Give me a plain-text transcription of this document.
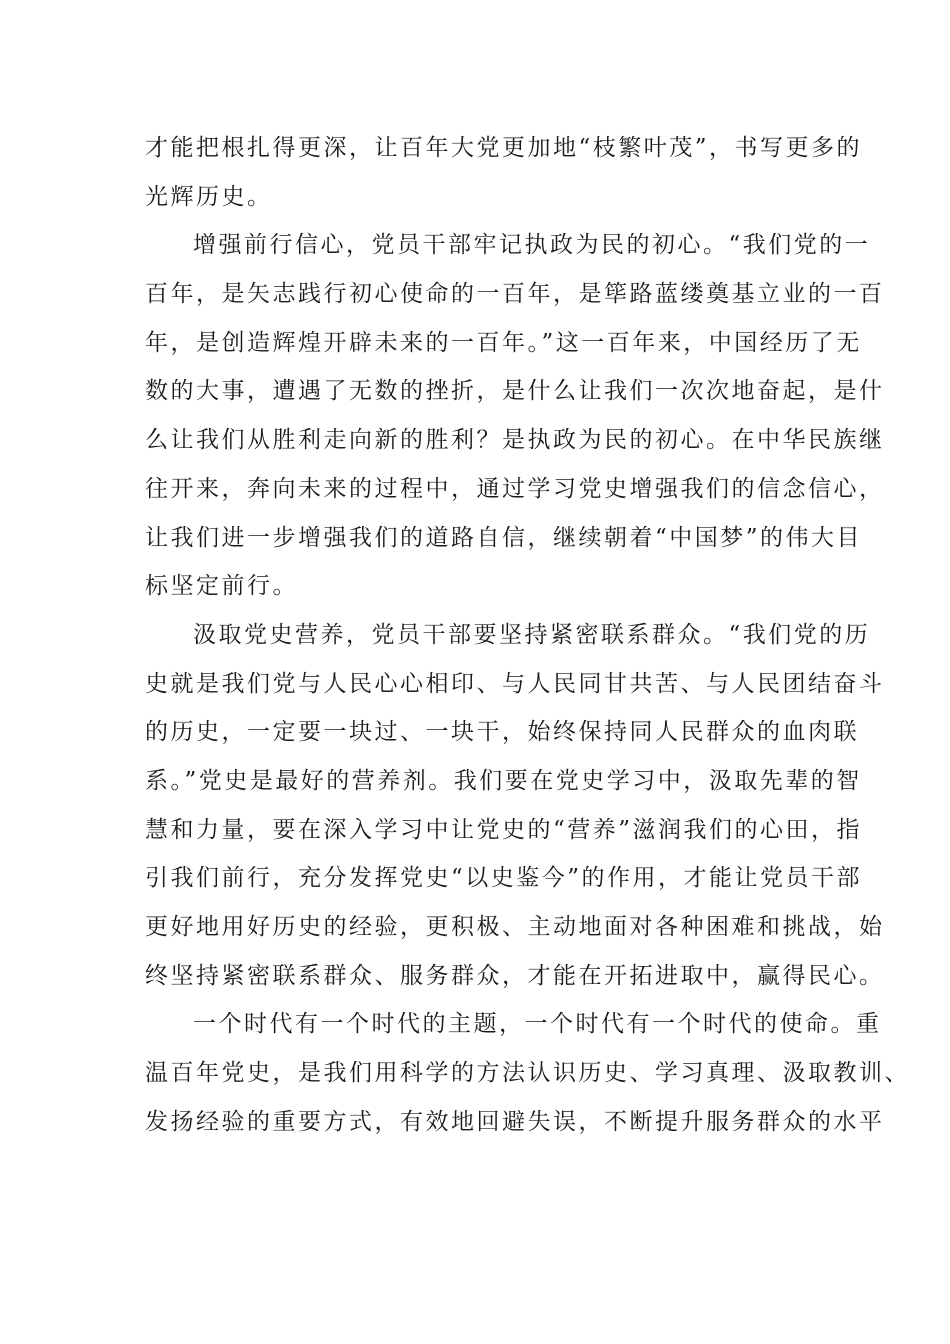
才能把根扎得更深，让百年大党更加地“枝繁叶茂”，书写更多的
光辉历史。
增强前行信心，党员干部牢记执政为民的初心。“我们党的一
百年，是矢志践行初心使命的一百年，是筚路蓝缕奠基立业的一百
年，是创造辉煌开辟未来的一百年。”这一百年来，中国经历了无
数的大事，遭遇了无数的挫折，是什么让我们一次次地奋起，是什
么让我们从胜利走向新的胜利？是执政为民的初心。在中华民族继
往开来，奔向未来的过程中，通过学习党史增强我们的信念信心，
让我们进一步增强我们的道路自信，继续朝着“中国梦”的伟大目
标坚定前行。
汲取党史营养，党员干部要坚持紧密联系群众。“我们党的历
史就是我们党与人民心心相印、与人民同甘共苦、与人民团结奋斗
的历史，一定要一块过、一块干，始终保持同人民群众的血肉联
系。”党史是最好的营养剂。我们要在党史学习中，汲取先辈的智
慧和力量，要在深入学习中让党史的“营养”滋润我们的心田，指
引我们前行，充分发挥党史“以史鉴今”的作用，才能让党员干部
更好地用好历史的经验，更积极、主动地面对各种困难和挑战，始
终坚持紧密联系群众、服务群众，才能在开拓进取中，赢得民心。
一个时代有一个时代的主题，一个时代有一个时代的使命。重
温百年党史，是我们用科学的方法认识历史、学习真理、汲取教训、
发扬经验的重要方式，有效地回避失误，不断提升服务群众的水平
